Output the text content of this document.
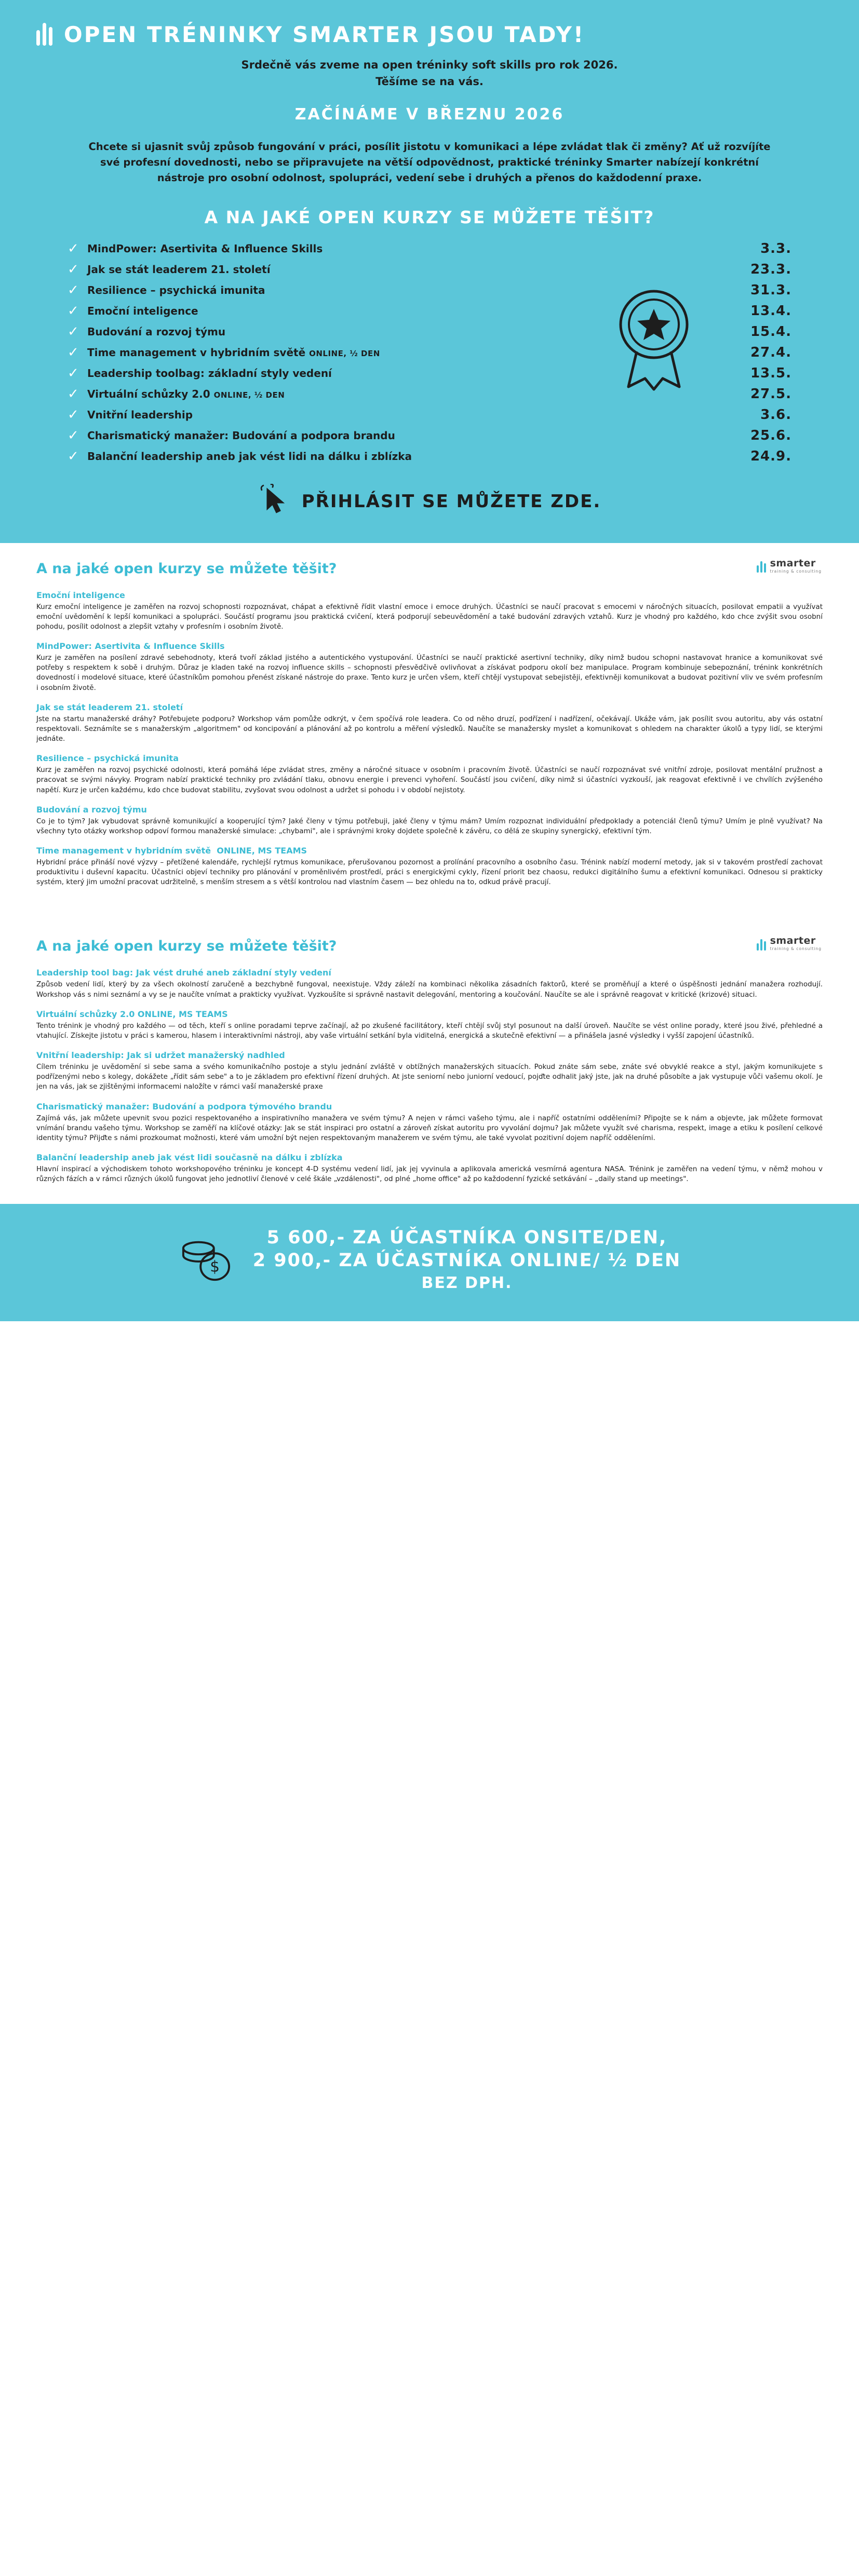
OPEN TRÉNINKY SMARTER JSOU TADY!

Srdečně vás zveme na open tréninky soft skills pro rok 2026.
Těšíme se na vás.

ZAČÍNÁME V BŘEZNU 2026

Chcete si ujasnit svůj způsob fungování v práci, posílit jistotu v komunikaci a lépe zvládat tlak či změny? Ať už rozvíjíte své profesní dovednosti, nebo se připravujete na větší odpovědnost, praktické tréninky Smarter nabízejí konkrétní nástroje pro osobní odolnost, spolupráci, vedení sebe i druhých a přenos do každodenní praxe.

A NA JAKÉ OPEN KURZY SE MŮŽETE TĚŠIT?
✓ MindPower: Asertivita & Influence Skills	3.3.
✓ Jak se stát leaderem 21. století	23.3.
✓ Resilience – psychická imunita	31.3.
✓ Emoční inteligence	13.4.
✓ Budování a rozvoj týmu	15.4.
✓ Time management v hybridním světě ONLINE, ½ DEN	27.4.
✓ Leadership toolbag: základní styly vedení	13.5.
✓ Virtuální schůzky 2.0 ONLINE, ½ DEN	27.5.
✓ Vnitřní leadership	3.6.
✓ Charismatický manažer: Budování a podpora brandu	25.6.
✓ Balanční leadership aneb jak vést lidi na dálku i zblízka	24.9.
PŘIHLÁSIT SE MŮŽETE ZDE.
smarter
training & consulting
A na jaké open kurzy se můžete těšit?
Emoční inteligence

Kurz emoční inteligence je zaměřen na rozvoj schopnosti rozpoznávat, chápat a efektivně řídit vlastní emoce i emoce druhých. Účastníci se naučí pracovat s emocemi v náročných situacích, posilovat empatii a využívat emoční uvědomění k lepší komunikaci a spolupráci. Součástí programu jsou praktická cvičení, která podporují sebeuvědomění a také budování zdravých vztahů. Kurz je vhodný pro každého, kdo chce zvýšit svou osobní pohodu, posílit odolnost a zlepšit vztahy v profesním i osobním životě.

MindPower: Asertivita & Influence Skills

Kurz je zaměřen na posílení zdravé sebehodnoty, která tvoří základ jistého a autentického vystupování. Účastníci se naučí praktické asertivní techniky, díky nimž budou schopni nastavovat hranice a komunikovat své potřeby s respektem k sobě i druhým. Důraz je kladen také na rozvoj influence skills – schopnosti přesvědčivě ovlivňovat a získávat podporu okolí bez manipulace. Program kombinuje sebepoznání, trénink konkrétních dovedností i modelové situace, které účastníkům pomohou přenést získané nástroje do praxe. Tento kurz je určen všem, kteří chtějí vystupovat sebejistěji, efektivněji komunikovat a budovat pozitivní vliv ve svém profesním i osobním životě.

Jak se stát leaderem 21. století

Jste na startu manažerské dráhy? Potřebujete podporu? Workshop vám pomůže odkrýt, v čem spočívá role leadera. Co od něho druzí, podřízení i nadřízení, očekávají. Ukáže vám, jak posílit svou autoritu, aby vás ostatní respektovali. Seznámíte se s manažerským „algoritmem" od koncipování a plánování až po kontrolu a měření výsledků. Naučíte se manažersky myslet a komunikovat s ohledem na charakter úkolů a typy lidí, se kterými jednáte.

Resilience – psychická imunita

Kurz je zaměřen na rozvoj psychické odolnosti, která pomáhá lépe zvládat stres, změny a náročné situace v osobním i pracovním životě. Účastníci se naučí rozpoznávat své vnitřní zdroje, posilovat mentální pružnost a pracovat se svými návyky. Program nabízí praktické techniky pro zvládání tlaku, obnovu energie i prevenci vyhoření. Součástí jsou cvičení, díky nimž si účastníci vyzkouší, jak reagovat efektivně i ve chvílích zvýšeného napětí. Kurz je určen každému, kdo chce budovat stabilitu, zvyšovat svou odolnost a udržet si pohodu i v období nejistoty.

Budování a rozvoj týmu

Co je to tým? Jak vybudovat správně komunikující a kooperující tým? Jaké členy v týmu potřebuji, jaké členy v týmu mám? Umím rozpoznat individuální předpoklady a potenciál členů týmu? Umím je plně využívat? Na všechny tyto otázky workshop odpoví formou manažerské simulace: „chybami", ale i správnými kroky dojdete společně k závěru, co dělá ze skupiny synergický, efektivní tým.

Time management v hybridním světě ONLINE, MS TEAMS

Hybridní práce přináší nové výzvy – přetížené kalendáře, rychlejší rytmus komunikace, přerušovanou pozornost a prolínání pracovního a osobního času. Trénink nabízí moderní metody, jak si v takovém prostředí zachovat produktivitu i duševní kapacitu. Účastníci objeví techniky pro plánování v proměnlivém prostředí, práci s energickými cykly, řízení priorit bez chaosu, redukci digitálního šumu a efektivní komunikaci. Odnesou si prakticky systém, který jim umožní pracovat udržitelně, s menším stresem a s větší kontrolou nad vlastním časem — bez ohledu na to, odkud právě pracují.

smarter
training & consulting
A na jaké open kurzy se můžete těšit?
Leadership tool bag: Jak vést druhé aneb základní styly vedení

Způsob vedení lidí, který by za všech okolností zaručeně a bezchybně fungoval, neexistuje. Vždy záleží na kombinaci několika zásadních faktorů, které se proměňují a které o úspěšnosti jednání manažera rozhodují. Workshop vás s nimi seznámí a vy se je naučíte vnímat a prakticky využívat. Vyzkoušíte si správně nastavit delegování, mentoring a koučování. Naučíte se ale i správně reagovat v kritické (krizové) situaci.

Virtuální schůzky 2.0 ONLINE, MS TEAMS

Tento trénink je vhodný pro každého — od těch, kteří s online poradami teprve začínají, až po zkušené facilitátory, kteří chtějí svůj styl posunout na další úroveň. Naučíte se vést online porady, které jsou živé, přehledné a vtahující. Získejte jistotu v práci s kamerou, hlasem i interaktivními nástroji, aby vaše virtuální setkání byla viditelná, energická a skutečně efektivní — a přinášela jasné výsledky i vyšší zapojení účastníků.

Vnitřní leadership: Jak si udržet manažerský nadhled

Cílem tréninku je uvědomění si sebe sama a svého komunikačního postoje a stylu jednání zvláště v obtížných manažerských situacích. Pokud znáte sám sebe, znáte své obvyklé reakce a styl, jakým komunikujete s podřízenými nebo s kolegy, dokážete „řídit sám sebe" a to je základem pro efektivní řízení druhých. At jste seniorní nebo juniorní vedoucí, pojďte odhalit jaký jste, jak na druhé působíte a jak vystupuje vůči vašemu okolí. Je jen na vás, jak se zjištěnými informacemi naložíte v rámci vaší manažerské praxe

Charismatický manažer: Budování a podpora týmového brandu

Zajímá vás, jak můžete upevnit svou pozici respektovaného a inspirativního manažera ve svém týmu? A nejen v rámci vašeho týmu, ale i napříč ostatními odděleními? Připojte se k nám a objevte, jak můžete formovat vnímání brandu vašeho týmu. Workshop se zaměří na klíčové otázky: Jak se stát inspiraci pro ostatní a zároveň získat autoritu pro vyvolání dojmu? Jak můžete využít své charisma, respekt, image a etiku k posílení celkové identity týmu? Přijďte s námi prozkoumat možnosti, které vám umožní být nejen respektovaným manažerem ve svém týmu, ale také vyvolat pozitivní dojem napříč odděleními.

Balanční leadership aneb jak vést lidi současně na dálku i zblízka

Hlavní inspirací a východiskem tohoto workshopového tréninku je koncept 4-D systému vedení lidí, jak jej vyvinula a aplikovala americká vesmírná agentura NASA. Trénink je zaměřen na vedení týmu, v němž mohou v různých fázích a v rámci různých úkolů fungovat jeho jednotliví členové v celé škále „vzdálenosti", od plné „home office" až po každodenní fyzické setkávání – „daily stand up meetings".

$
5 600,- ZA ÚČASTNÍKA ONSITE/DEN,
2 900,- ZA ÚČASTNÍKA ONLINE/ ½ DEN
BEZ DPH.
